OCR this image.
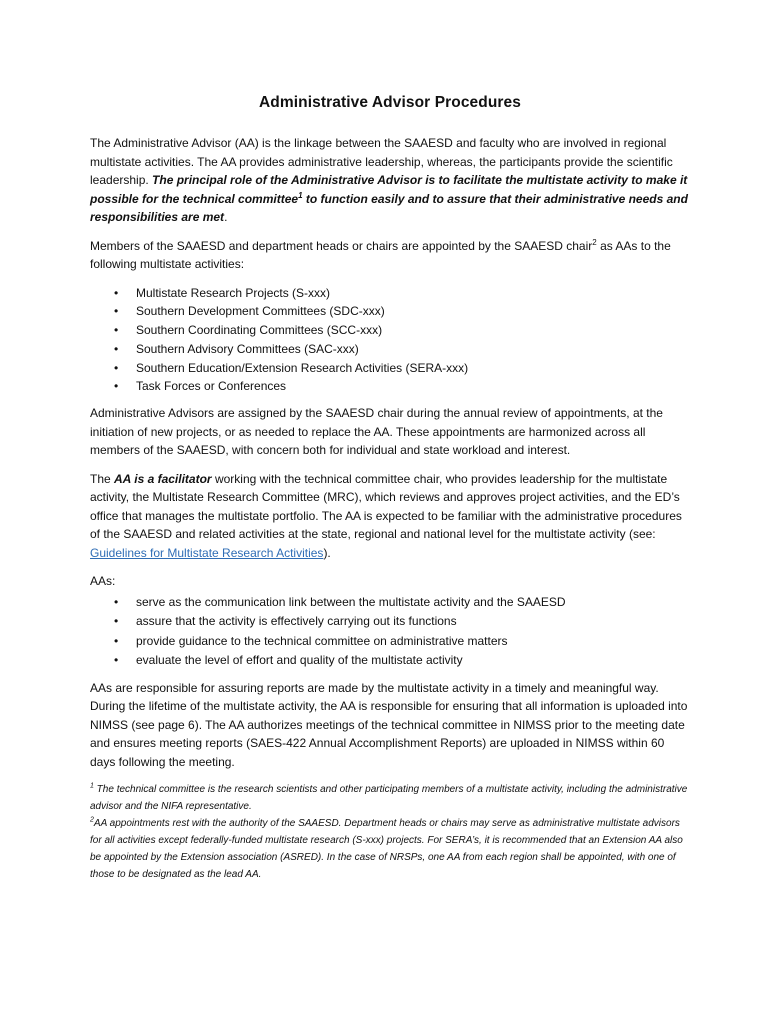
Administrative Advisor Procedures

The Administrative Advisor (AA) is the linkage between the SAAESD and faculty who are involved in regional multistate activities. The AA provides administrative leadership, whereas, the participants provide the scientific leadership. The principal role of the Administrative Advisor is to facilitate the multistate activity to make it possible for the technical committee$^1$ to function easily and to assure that their administrative needs and responsibilities are met.

Members of the SAAESD and department heads or chairs are appointed by the SAAESD chair$^2$ as AAs to the following multistate activities:

• Multistate Research Projects (S-xxx)
• Southern Development Committees (SDC-xxx)
• Southern Coordinating Committees (SCC-xxx)
• Southern Advisory Committees (SAC-xxx)
• Southern Education/Extension Research Activities (SERA-xxx)
• Task Forces or Conferences

Administrative Advisors are assigned by the SAAESD chair during the annual review of appointments, at the initiation of new projects, or as needed to replace the AA. These appointments are harmonized across all members of the SAAESD, with concern both for individual and state workload and interest.

The AA is a facilitator working with the technical committee chair, who provides leadership for the multistate activity, the Multistate Research Committee (MRC), which reviews and approves project activities, and the ED’s office that manages the multistate portfolio. The AA is expected to be familiar with the administrative procedures of the SAAESD and related activities at the state, regional and national level for the multistate activity (see: Guidelines for Multistate Research Activities).

AAs:

• serve as the communication link between the multistate activity and the SAAESD
• assure that the activity is effectively carrying out its functions
• provide guidance to the technical committee on administrative matters
• evaluate the level of effort and quality of the multistate activity

AAs are responsible for assuring reports are made by the multistate activity in a timely and meaningful way. During the lifetime of the multistate activity, the AA is responsible for ensuring that all information is uploaded into NIMSS (see page 6). The AA authorizes meetings of the technical committee in NIMSS prior to the meeting date and ensures meeting reports (SAES-422 Annual Accomplishment Reports) are uploaded in NIMSS within 60 days following the meeting.

$^1$ The technical committee is the research scientists and other participating members of a multistate activity, including the administrative advisor and the NIFA representative.

$^2$AA appointments rest with the authority of the SAAESD. Department heads or chairs may serve as administrative multistate advisors for all activities except federally-funded multistate research (S-xxx) projects. For SERA’s, it is recommended that an Extension AA also be appointed by the Extension association (ASRED). In the case of NRSPs, one AA from each region shall be appointed, with one of those to be designated as the lead AA.
